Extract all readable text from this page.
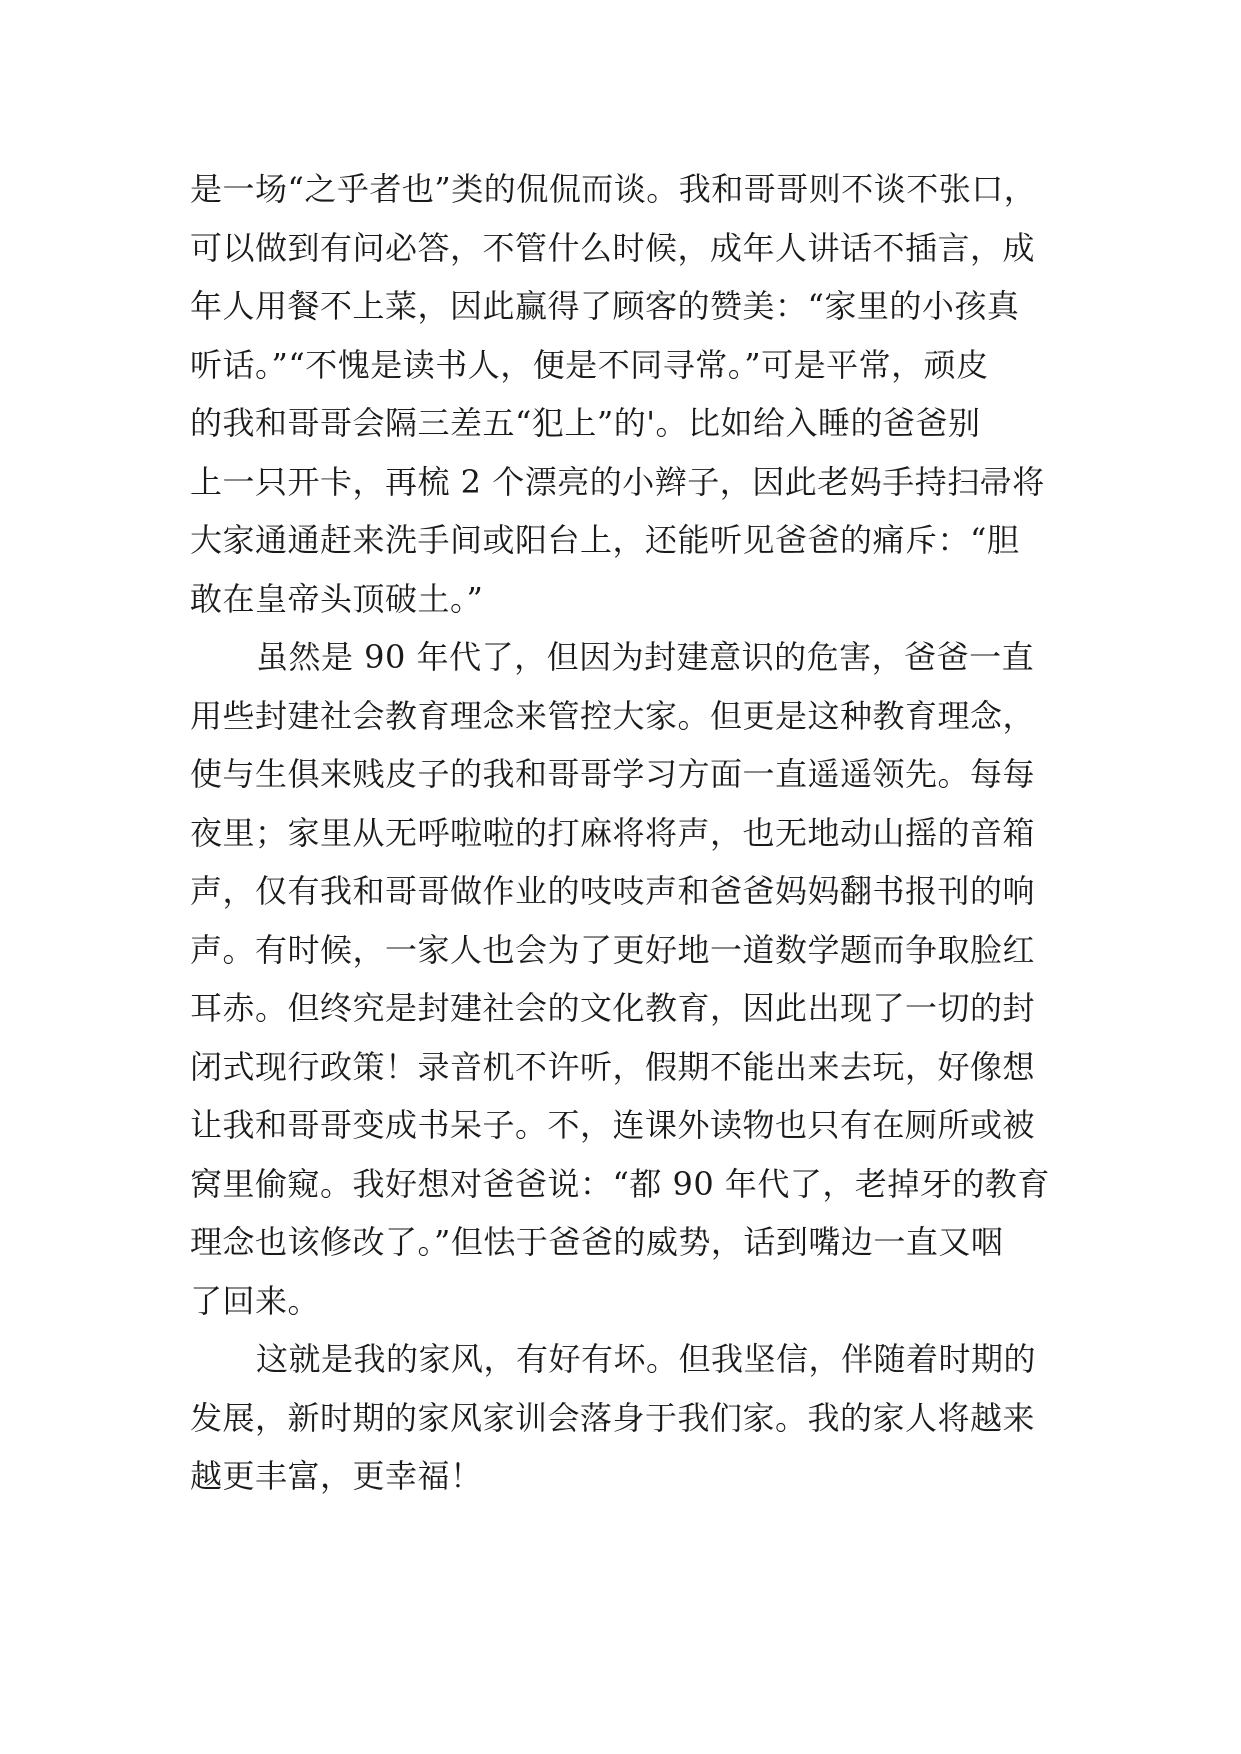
是一场“之乎者也”类的侃侃而谈。我和哥哥则不谈不张口，
可以做到有问必答，不管什么时候，成年人讲话不插言，成
年人用餐不上菜，因此赢得了顾客的赞美：“家里的小孩真
听话。”“不愧是读书人，便是不同寻常。”可是平常，顽皮
的我和哥哥会隔三差五“犯上”的'。比如给入睡的爸爸别
上一只开卡，再梳 2 个漂亮的小辫子，因此老妈手持扫帚将
大家通通赶来洗手间或阳台上，还能听见爸爸的痛斥：“胆
敢在皇帝头顶破土。”
虽然是 90 年代了，但因为封建意识的危害，爸爸一直
用些封建社会教育理念来管控大家。但更是这种教育理念，
使与生俱来贱皮子的我和哥哥学习方面一直遥遥领先。每每
夜里；家里从无呼啦啦的打麻将将声，也无地动山摇的音箱
声，仅有我和哥哥做作业的吱吱声和爸爸妈妈翻书报刊的响
声。有时候，一家人也会为了更好地一道数学题而争取脸红
耳赤。但终究是封建社会的文化教育，因此出现了一切的封
闭式现行政策！录音机不许听，假期不能出来去玩，好像想
让我和哥哥变成书呆子。不，连课外读物也只有在厕所或被
窝里偷窥。我好想对爸爸说：“都 90 年代了，老掉牙的教育
理念也该修改了。”但怯于爸爸的威势，话到嘴边一直又咽
了回来。
这就是我的家风，有好有坏。但我坚信，伴随着时期的
发展，新时期的家风家训会落身于我们家。我的家人将越来
越更丰富，更幸福！
